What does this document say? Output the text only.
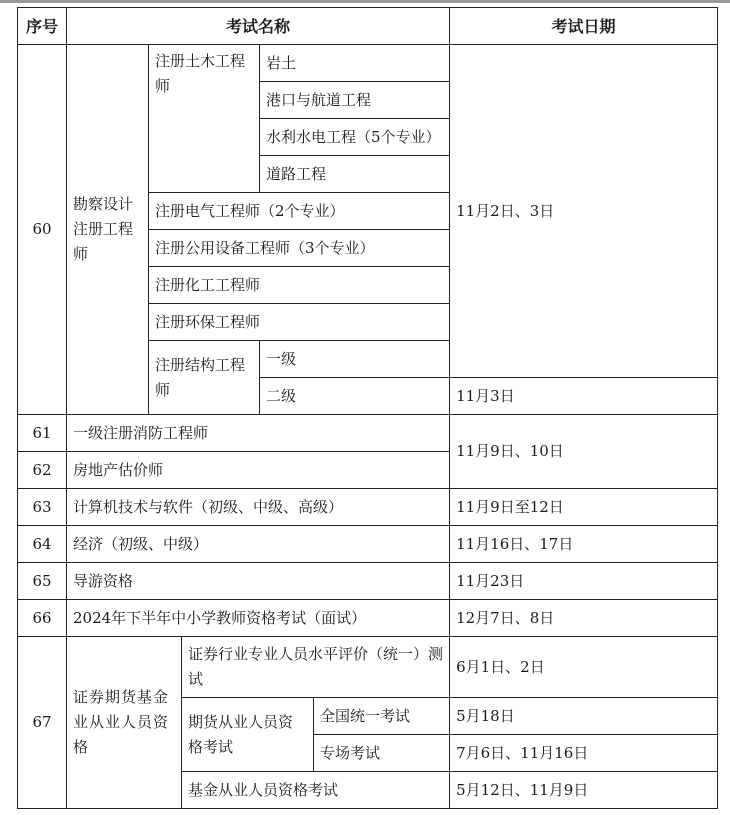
序号	考试名称					考试日期
60	勘察设计注册工程师	注册土木工程师		岩土		11月2日、3日
				港口与航道工程		
				水利水电工程（5个专业）		
				道路工程		
		注册电气工程师（2个专业）				
		注册公用设备工程师（3个专业）				
		注册化工工程师				
		注册环保工程师				
		注册结构工程师		一级		
				二级		11月3日
61	一级注册消防工程师					11月9日、10日
62	房地产估价师					
63	计算机技术与软件（初级、中级、高级）					11月9日至12日
64	经济（初级、中级）					11月16日、17日
65	导游资格					11月23日
66	2024年下半年中小学教师资格考试（面试）					12月7日、8日
67	证券期货基金业从业人员资格		证券行业专业人员水平评价（统一）测试			6月1日、2日
			期货从业人员资格考试		全国统一考试	5月18日
					专场考试	7月6日、11月16日
			基金从业人员资格考试			5月12日、11月9日
